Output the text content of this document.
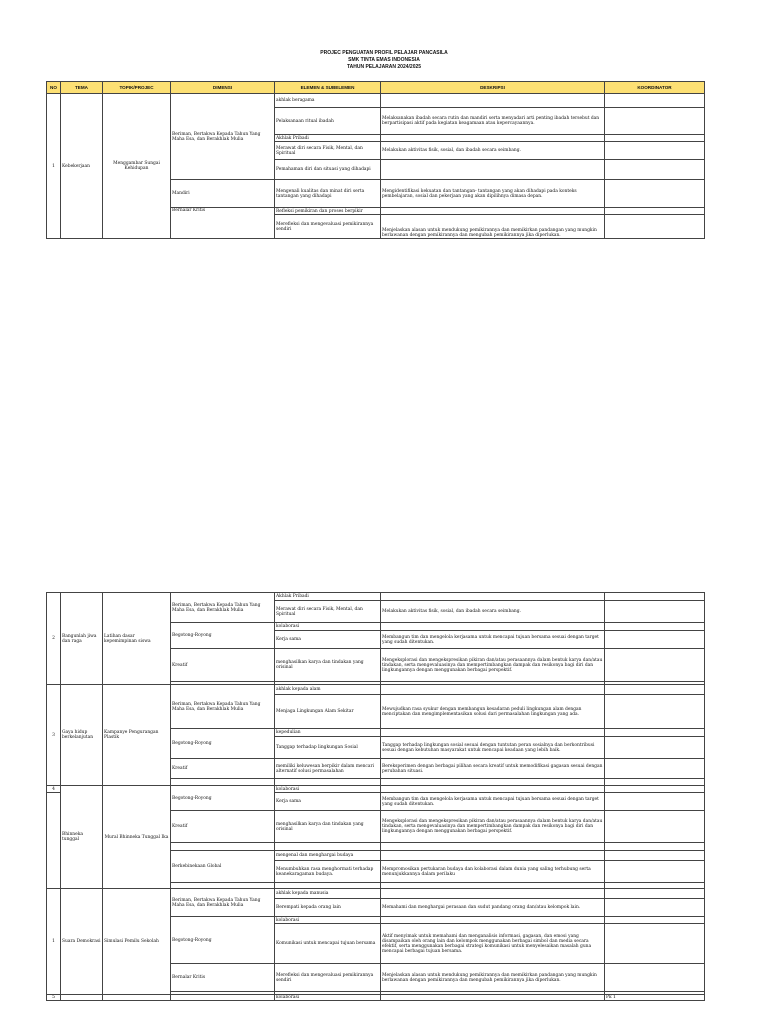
PROJEC PENGUATAN PROFIL PELAJAR PANCASILA
SMK TINTA EMAS INDONESIA
TAHUN PELAJARAN 2024/2025
NO	TEMA	TOPIK/PROJEC	DIMENSI	ELEMEN & SUBELEMEN	DESKRIPSI	KOORDINATOR
1	Kebekerjaan	Menggambar Sungai Kehidupan	Beriman, Bertakwa Kepada Tahun Yang Maha Esa, dan Berakhlak Mulia	akhlak beragama		
				Pelaksanaan ritual ibadah	Melaksanakan ibadah secara rutin dan mandiri serta menyadari arti penting ibadah tersebut dan berpartisipasi aktif pada kegiatan keagamaan atau kepercayaannya.	
				Akhlak Pribadi		
				Merawat diri secara Fisik, Mental, dan Spiritual	Melakukan aktivitas fisik, sosial, dan ibadah secara seimbang.	
				Pemahaman diri dan situasi yang dihadapi		
			Mandiri	Mengenali kualitas dan minat diri serta tantangan yang dihadapi	Mengidentifikasi kekuatan dan tantangan- tantangan yang akan dihadapi pada konteks pembelajaran, sosial dan pekerjaan yang akan dipilihnya dimasa depan.	
			Bernalar Kritis	Refleksi pemikiran dan proses berpikir		
				Merefleksi dan mengevaluasi pemikirannya sendiri	Menjelaskan alasan untuk mendukung pemikirannya dan memikirkan pandangan yang mungkin berlawanan dengan pemikirannya dan mengubah pemikirannya jika diperlukan.	
2	Bangunlah jiwa dan raga	Latihan dasar kepemimpinan siswa	Beriman, Bertakwa Kepada Tahun Yang Maha Esa, dan Berakhlak Mulia	Akhlak Pribadi		
				Merawat diri secara Fisik, Mental, dan Spiritual	Melakukan aktivitas fisik, sosial, dan ibadah secara seimbang.	
			Begotong-Royong	kolaborasi		
				Kerja sama	Membangun tim dan mengelola kerjasama untuk mencapai tujuan bersama sesuai dengan target yang sudah ditentukan.	
			Kreatif	menghasilkan karya dan tindakan yang orisinal	Mengeksplorasi dan mengekspresikan pikiran dan/atau perasaannya dalam bentuk karya dan/atau tindakan, serta mengevaluasinya dan mempertimbangkan dampak dan resikonya bagi diri dan lingkungannya dengan menggunakan berbagai perspektif.	

3	Gaya hidup berkelanjutan	Kampanye Pengurangan Plastik	Beriman, Bertakwa Kepada Tahun Yang Maha Esa, dan Berakhlak Mulia	akhlak kepada alam		
				Menjaga Lingkungan Alam Sekitar	Mewujudkan rasa syukur dengan membangun kesadaran peduli lingkungan alam dengan menciptakan dan mengimplementasikan solusi dari permasalahan lingkungan yang ada.	
			Begotong-Royong	kepedulian		
				Tanggap terhadap lingkungan Sosial	Tanggap terhadap lingkungan sosial sesuai dengan tuntutan peran sosialnya dan berkontribusi sesuai dengan kebutuhan masyarakat untuk mencapai keadaan yang lebih baik.	
			Kreatif	memiliki keluwesan berpikir dalam mencari alternatif solusi permasalahan	Bereksperimen dengan berbagai pilihan secara kreatif untuk memodifikasi gagasan sesuai dengan perubahan situasi.	

4	Bhinneka tunggal	Mural Bhinneka Tunggal Ika	Begotong-Royong	kolaborasi		
				Kerja sama	Membangun tim dan mengelola kerjasama untuk mencapai tujuan bersama sesuai dengan target yang sudah ditentukan.	
			Kreatif	menghasilkan karya dan tindakan yang orisinal	Mengeksplorasi dan mengekspresikan pikiran dan/atau perasaannya dalam bentuk karya dan/atau tindakan, serta mengevaluasinya dan mempertimbangkan dampak dan resikonya bagi diri dan lingkungannya dengan menggunakan berbagai perspektif.	

			Berkebinekaan Global	mengenal dan menghargai budaya		
				Menumbuhkan rasa menghormati terhadap keanekaragaman budaya.	Mempromosikan pertukaran budaya dan kolaborasi dalam dunia yang saling terhubung serta menunjukkannya dalam perilaku	

1	Suara Demokrasi	Simulasi Pemilu Sekolah	Beriman, Bertakwa Kepada Tahun Yang Maha Esa, dan Berakhlak Mulia	akhlak kepada manusia		
				Berempati kepada orang lain	Memahami dan menghargai perasaan dan sudut pandang orang dan/atau kelompok lain.	
			Begotong-Royong	kolaborasi		
				Komunikasi untuk mencapai tujuan bersama	Aktif menyimak untuk memahami dan menganalisis informasi, gagasan, dan emosi yang disampaikan oleh orang lain dan kelompok menggunakan berbagai simbol dan media secara efektif, serta menggunakan berbagai strategi komunikasi untuk menyelesaikan masalah guna mencapai berbagai tujuan bersama.	
			Bernalar Kritis	Merefleksi dan mengevaluasi pemikirannya sendiri	Menjelaskan alasan untuk mendukung pemikirannya dan memikirkan pandangan yang mungkin berlawanan dengan pemikirannya dan mengubah pemikirannya jika diperlukan.	

5				kolaborasi		Pk 1
